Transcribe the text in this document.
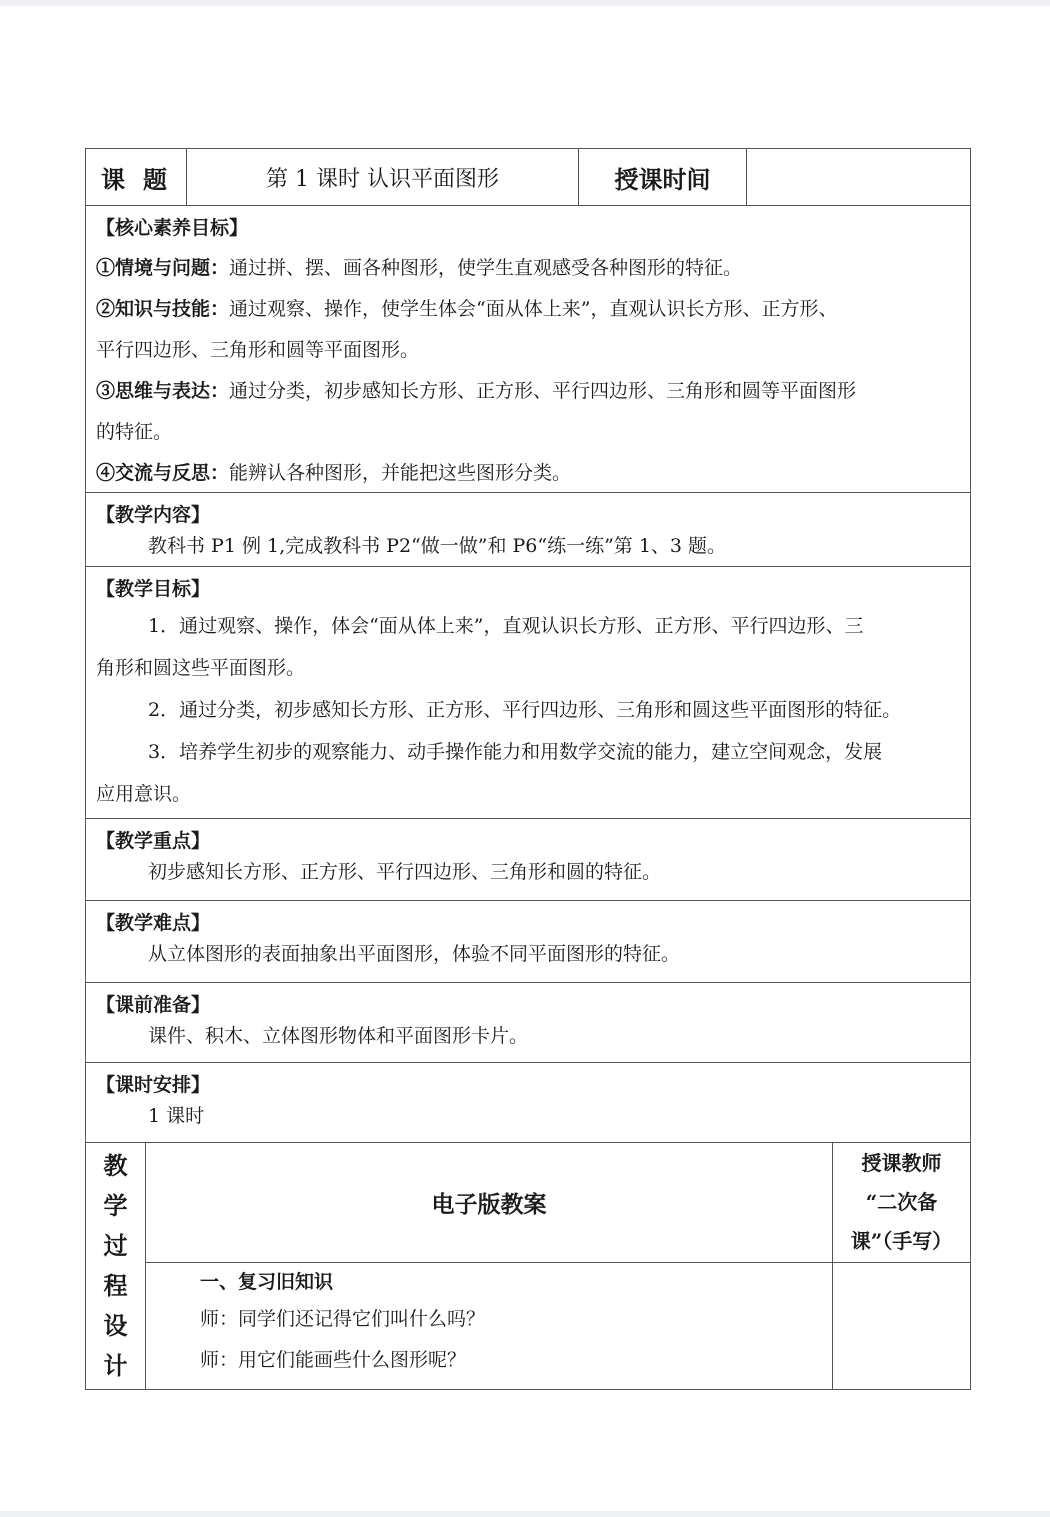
课题	第 1 课时 认识平面图形	授课时间

【核心素养目标】

①情境与问题：通过拼、摆、画各种图形，使学生直观感受各种图形的特征。

②知识与技能：通过观察、操作，使学生体会“面从体上来”，直观认识长方形、正方形、

平行四边形、三角形和圆等平面图形。

③思维与表达：通过分类，初步感知长方形、正方形、平行四边形、三角形和圆等平面图形

的特征。

④交流与反思：能辨认各种图形，并能把这些图形分类。

【教学内容】

教科书 P1 例 1,完成教科书 P2“做一做”和 P6“练一练”第 1、3 题。

【教学目标】

1．通过观察、操作，体会“面从体上来”，直观认识长方形、正方形、平行四边形、三

角形和圆这些平面图形。

2．通过分类，初步感知长方形、正方形、平行四边形、三角形和圆这些平面图形的特征。

3．培养学生初步的观察能力、动手操作能力和用数学交流的能力，建立空间观念，发展

应用意识。

【教学重点】

初步感知长方形、正方形、平行四边形、三角形和圆的特征。

【教学难点】

从立体图形的表面抽象出平面图形，体验不同平面图形的特征。

【课前准备】

课件、积木、立体图形物体和平面图形卡片。

【课时安排】

1 课时

教
学
过
程
设
计
电子版教案
一、复习旧知识

师：同学们还记得它们叫什么吗？

师：用它们能画些什么图形呢？

授课教师
“二次备
课”（手写）
